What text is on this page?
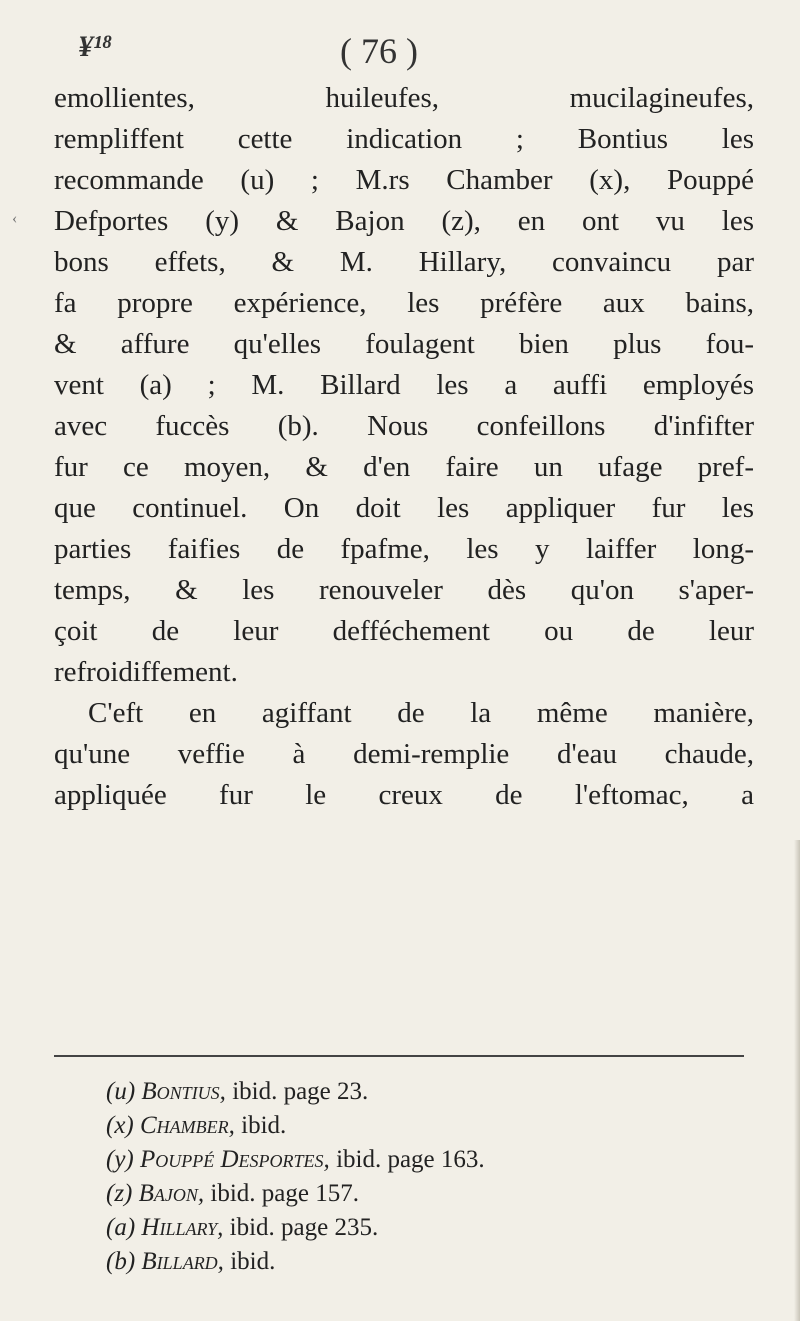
¥¹⁸	( 76 )
‹
emollientes, huileufes, mucilagineufes,
rempliffent cette indication ; Bontius les
recommande (u) ; M.rs Chamber (x), Pouppé
Defportes (y) & Bajon (z), en ont vu les
bons effets, & M. Hillary, convaincu par
fa propre expérience, les préfère aux bains,
& affure qu'elles foulagent bien plus fou-
vent (a) ; M. Billard les a auffi employés
avec fuccès (b). Nous confeillons d'infifter
fur ce moyen, & d'en faire un ufage pref-
que continuel. On doit les appliquer fur les
parties faifies de fpafme, les y laiffer long-
temps, & les renouveler dès qu'on s'aper-
çoit de leur defféchement ou de leur
refroidiffement.
C'eft en agiffant de la même manière,
qu'une veffie à demi-remplie d'eau chaude,
appliquée fur le creux de l'eftomac, a
(u) Bontius, ibid. page 23.
(x) Chamber, ibid.
(y) Pouppé Desportes, ibid. page 163.
(z) Bajon, ibid. page 157.
(a) Hillary, ibid. page 235.
(b) Billard, ibid.
